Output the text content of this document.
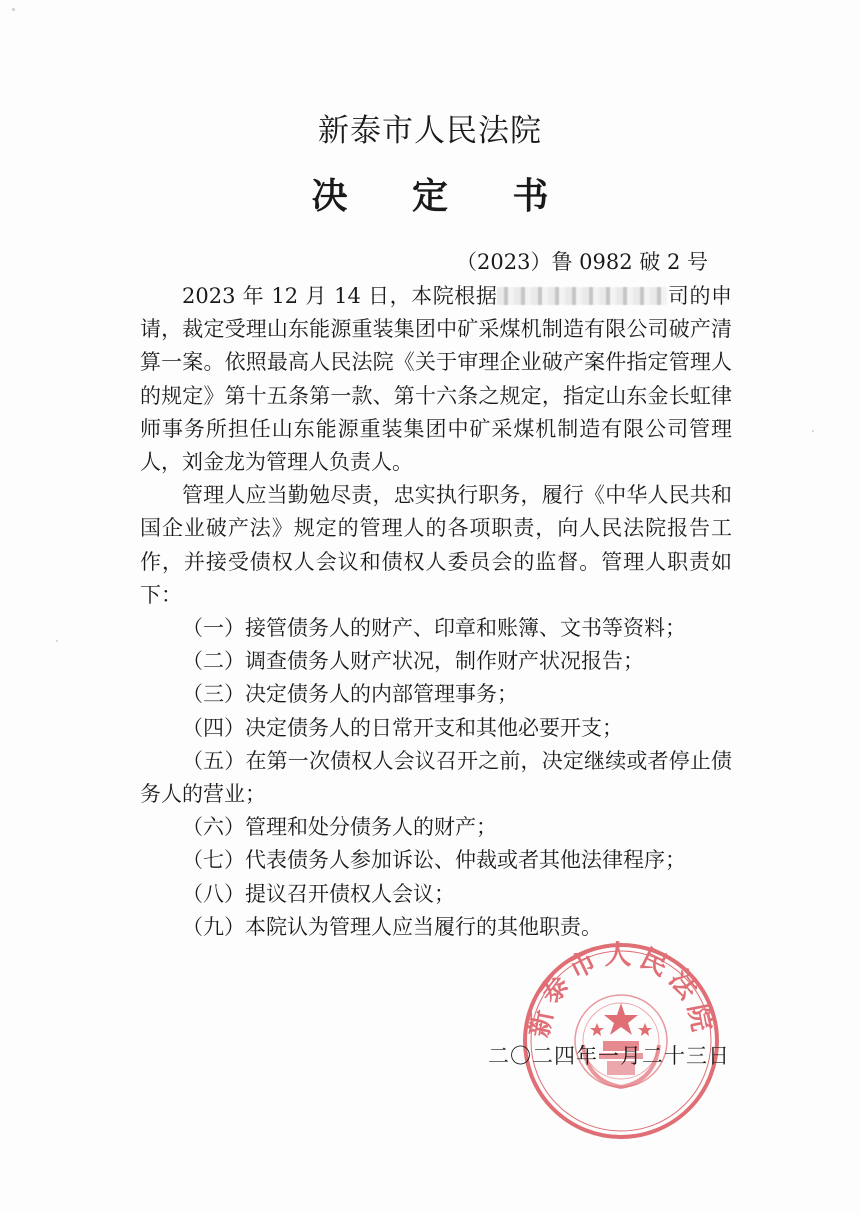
新泰市人民法院
决 定 书
（2023）鲁 0982 破 2 号

2023 年 12 月 14 日，本院根据	司的申请，裁定受理山东能源重装集团中矿采煤机制造有限公司破产清算一案。依照最高人民法院《关于审理企业破产案件指定管理人的规定》第十五条第一款、第十六条之规定，指定山东金长虹律师事务所担任山东能源重装集团中矿采煤机制造有限公司管理人，刘金龙为管理人负责人。

管理人应当勤勉尽责，忠实执行职务，履行《中华人民共和国企业破产法》规定的管理人的各项职责，向人民法院报告工作，并接受债权人会议和债权人委员会的监督。管理人职责如下：

（一）接管债务人的财产、印章和账簿、文书等资料；

（二）调查债务人财产状况，制作财产状况报告；

（三）决定债务人的内部管理事务；

（四）决定债务人的日常开支和其他必要开支；

（五）在第一次债权人会议召开之前，决定继续或者停止债务人的营业；

（六）管理和处分债务人的财产；

（七）代表债务人参加诉讼、仲裁或者其他法律程序；

（八）提议召开债权人会议；

（九）本院认为管理人应当履行的其他职责。

新泰市人民法院
二〇二四年一月二十三日
